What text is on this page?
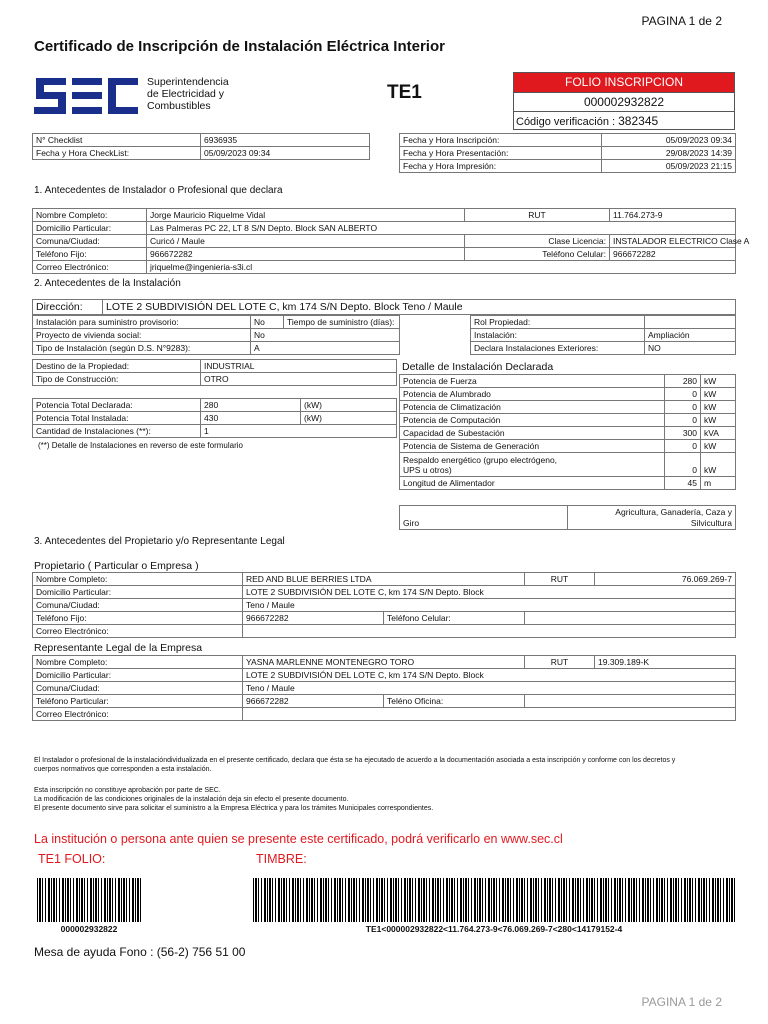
PAGINA 1 de 2
Certificado de Inscripción de Instalación Eléctrica Interior
Superintendencia
de Electricidad y
Combustibles
TE1	FOLIO INSCRIPCION
000002932822
Código verificación : 382345
N° Checklist	6936935
Fecha y Hora CheckList:	05/09/2023 09:34
Fecha y Hora Inscripción:	05/09/2023 09:34
Fecha y Hora Presentación:	29/08/2023 14:39
Fecha y Hora Impresión:	05/09/2023 21:15
1. Antecedentes de Instalador o Profesional que declara
Nombre Completo:	Jorge Mauricio Riquelme Vidal	RUT	11.764.273-9
Domicilio Particular:	Las Palmeras PC 22, LT 8 S/N Depto. Block SAN ALBERTO		
Comuna/Ciudad:	Curicó / Maule	Clase Licencia:	INSTALADOR ELECTRICO Clase A
Teléfono Fijo:	966672282	Teléfono Celular:	966672282
Correo Electrónico:	jriquelme@ingenieria-s3i.cl		
2. Antecedentes de la Instalación
Dirección:	LOTE 2 SUBDIVISIÓN DEL LOTE C, km 174 S/N Depto. Block Teno / Maule
Instalación para suministro provisorio:	No	Tiempo de suministro (días):
Proyecto de vivienda social:	No	
Tipo de Instalación (según D.S. N°9283):	A	
Rol Propiedad:	
Instalación:	Ampliación
Declara Instalaciones Exteriores:	NO
Destino de la Propiedad:	INDUSTRIAL
Tipo de Construcción:	OTRO
Potencia Total Declarada:	280	(kW)
Potencia Total Instalada:	430	(kW)
Cantidad de Instalaciones (**):	1	
(**) Detalle de Instalaciones en reverso de este formulario
Detalle de Instalación Declarada
Potencia de Fuerza	280	kW
Potencia de Alumbrado	0	kW
Potencia de Climatización	0	kW
Potencia de Computación	0	kW
Capacidad de Subestación	300	kVA
Potencia de Sistema de Generación	0	kW

Respaldo energético (grupo electrógeno,
UPS u otros)	0	kW
Longitud de Alimentador	45	m
Giro	
Agricultura, Ganadería, Caza y
Silvicultura
3. Antecedentes del Propietario y/o Representante Legal
Propietario ( Particular o Empresa )
Nombre Completo:	RED AND BLUE BERRIES LTDA		RUT	76.069.269-7
Domicilio Particular:	LOTE 2 SUBDIVISIÓN DEL LOTE C, km 174 S/N Depto. Block			
Comuna/Ciudad:	Teno / Maule			
Teléfono Fijo:	966672282	Teléfono Celular:		
Correo Electrónico:				
Representante Legal de la Empresa
Nombre Completo:	YASNA MARLENNE MONTENEGRO TORO		RUT	19.309.189-K
Domicilio Particular:	LOTE 2 SUBDIVISIÓN DEL LOTE C, km 174 S/N Depto. Block			
Comuna/Ciudad:	Teno / Maule			
Teléfono Particular:	966672282	Teléno Oficina:		
Correo Electrónico:				
El Instalador o profesional de la instalacióndividualizada en el presente certificado, declara que ésta se ha ejecutado de acuerdo a la documentación asociada a esta inscripción y conforme con los decretos y
cuerpos normativos que corresponden a esta instalación.
Esta inscripción no constituye aprobación por parte de SEC.
La modificación de las condiciones originales de la instalación deja sin efecto el presente documento.
El presente documento sirve para solicitar el suministro a la Empresa Eléctrica y para los trámites Municipales correspondientes.
La institución o persona ante quien se presente este certificado, podrá verificarlo en www.sec.cl
TE1 FOLIO:	TIMBRE:
000002932822	TE1<000002932822<11.764.273-9<76.069.269-7<280<14179152-4
Mesa de ayuda Fono : (56-2) 756 51 00
PAGINA 1 de 2
